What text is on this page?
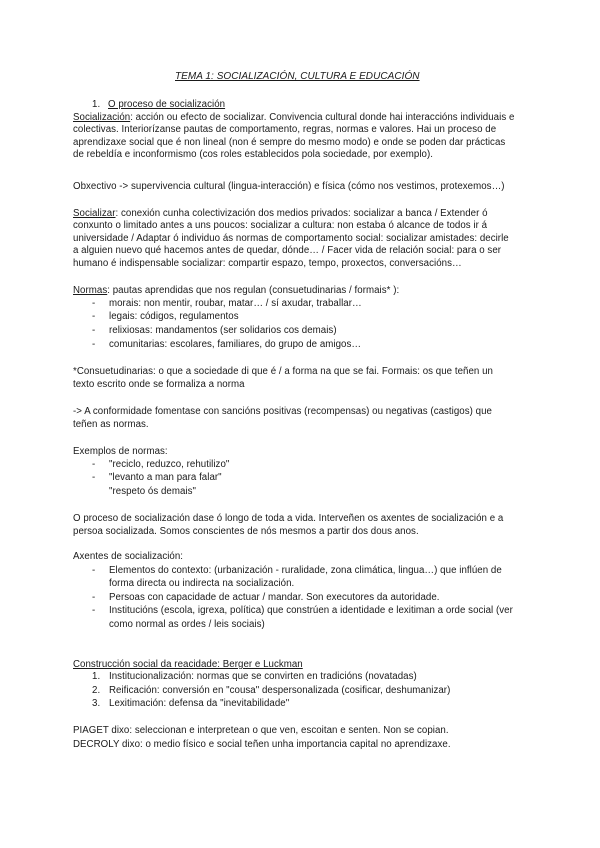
TEMA 1: SOCIALIZACIÓN, CULTURA E EDUCACIÓN
1. O proceso de socialización
Socialización: acción ou efecto de socializar. Convivencia cultural donde hai interaccións individuais e
colectivas. Interiorízanse pautas de comportamento, regras, normas e valores. Hai un proceso de
aprendizaxe social que é non lineal (non é sempre do mesmo modo) e onde se poden dar prácticas
de rebeldía e inconformismo (cos roles establecidos pola sociedade, por exemplo).
Obxectivo -> supervivencia cultural (lingua-interacción) e física (cómo nos vestimos, protexemos…)
Socializar: conexión cunha colectivización dos medios privados: socializar a banca / Extender ó
conxunto o limitado antes a uns poucos: socializar a cultura: non estaba ó alcance de todos ir á
universidade / Adaptar ó individuo ás normas de comportamento social: socializar amistades: decirle
a alguien nuevo qué hacemos antes de quedar, dónde… / Facer vida de relación social: para o ser
humano é indispensable socializar: compartir espazo, tempo, proxectos, conversacións…
Normas: pautas aprendidas que nos regulan (consuetudinarias / formais* ):
- morais: non mentir, roubar, matar… / sí axudar, traballar…
- legais: códigos, regulamentos
- relixiosas: mandamentos (ser solidarios cos demais)
- comunitarias: escolares, familiares, do grupo de amigos…
*Consuetudinarias: o que a sociedade di que é / a forma na que se fai. Formais: os que teñen un
texto escrito onde se formaliza a norma
-> A conformidade fomentase con sancións positivas (recompensas) ou negativas (castigos) que
teñen as normas.
Exemplos de normas:
- "reciclo, reduzco, rehutilizo"
- "levanto a man para falar"
"respeto ós demais"
O proceso de socialización dase ó longo de toda a vida. Interveñen os axentes de socialización e a
persoa socializada. Somos conscientes de nós mesmos a partir dos dous anos.
Axentes de socialización:
- Elementos do contexto: (urbanización - ruralidade, zona climática, lingua…) que inflúen de
forma directa ou indirecta na socialización.
- Persoas con capacidade de actuar / mandar. Son executores da autoridade.
- Institucións (escola, igrexa, política) que constrúen a identidade e lexitiman a orde social (ver
como normal as ordes / leis sociais)
Construcción social da reacidade: Berger e Luckman
1. Institucionalización: normas que se convirten en tradicións (novatadas)
2. Reificación: conversión en "cousa" despersonalizada (cosificar, deshumanizar)
3. Lexitimación: defensa da "inevitabilidade"
PIAGET dixo: seleccionan e interpretean o que ven, escoitan e senten. Non se copian.
DECROLY dixo: o medio físico e social teñen unha importancia capital no aprendizaxe.
